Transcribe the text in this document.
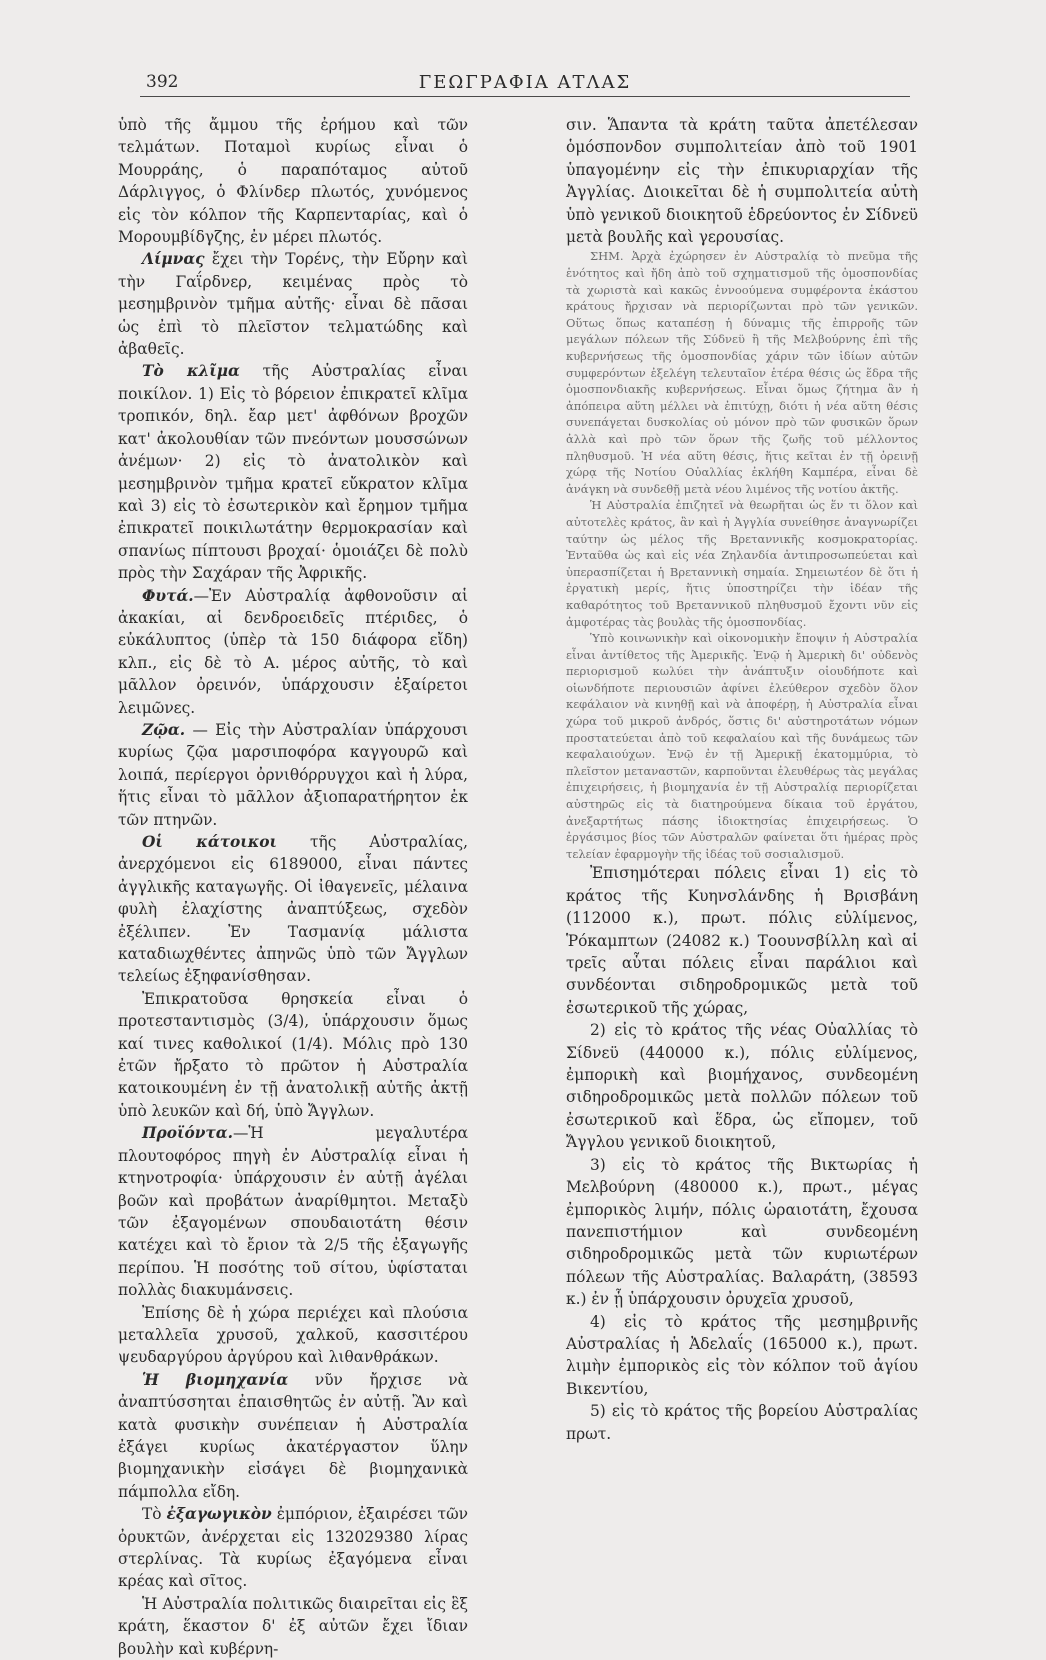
392	ΓΕΩΓΡΑΦΙΑ ΑΤΛΑΣ

ὑπὸ τῆς ἄμμου τῆς ἐρήμου καὶ τῶν τελμάτων. Ποταμοὶ κυρίως εἶναι ὁ Μουρράης, ὁ παραπόταμος αὐτοῦ Δάρλιγγος, ὁ Φλίνδερ πλωτός, χυνόμενος εἰς τὸν κόλπον τῆς Καρπενταρίας, καὶ ὁ Μορουμβίδγζης, ἐν μέρει πλωτός.

Λίμνας ἔχει τὴν Τορένς, τὴν Εὔρην καὶ τὴν Γαΐρδνερ, κειμένας πρὸς τὸ μεσημβρινὸν τμῆμα αὐτῆς· εἶναι δὲ πᾶσαι ὡς ἐπὶ τὸ πλεῖστον τελματώδης καὶ ἀβαθεῖς.

Τὸ κλῖμα τῆς Αὐστραλίας εἶναι ποικίλον. 1) Εἰς τὸ βόρειον ἐπικρατεῖ κλῖμα τροπικόν, δηλ. ἔαρ μετ' ἀφθόνων βροχῶν κατ' ἀκολουθίαν τῶν πνεόντων μουσσώνων ἀνέμων· 2) εἰς τὸ ἀνατολικὸν καὶ μεσημβρινὸν τμῆμα κρατεῖ εὔκρατον κλῖμα καὶ 3) εἰς τὸ ἐσωτερικὸν καὶ ἔρημον τμῆμα ἐπικρατεῖ ποικιλωτάτην θερμοκρασίαν καὶ σπανίως πίπτουσι βροχαί· ὁμοιάζει δὲ πολὺ πρὸς τὴν Σαχάραν τῆς Ἀφρικῆς.

Φυτά.—Ἐν Αὐστραλίᾳ ἀφθονοῦσιν αἱ ἀκακίαι, αἱ δενδροειδεῖς πτέριδες, ὁ εὐκάλυπτος (ὑπὲρ τὰ 150 διάφορα εἴδη) κλπ., εἰς δὲ τὸ Α. μέρος αὐτῆς, τὸ καὶ μᾶλλον ὀρεινόν, ὑπάρχουσιν ἐξαίρετοι λειμῶνες.

Ζῷα. — Εἰς τὴν Αὐστραλίαν ὑπάρχουσι κυρίως ζῷα μαρσιποφόρα καγγουρῶ καὶ λοιπά, περίεργοι ὀρνιθόρρυγχοι καὶ ἡ λύρα, ἥτις εἶναι τὸ μᾶλλον ἀξιοπαρατήρητον ἐκ τῶν πτηνῶν.

Οἱ κάτοικοι τῆς Αὐστραλίας, ἀνερχόμενοι εἰς 6189000, εἶναι πάντες ἀγγλικῆς καταγωγῆς. Οἱ ἰθαγενεῖς, μέλαινα φυλὴ ἐλαχίστης ἀναπτύξεως, σχεδὸν ἐξέλιπεν. Ἐν Τασμανίᾳ μάλιστα καταδιωχθέντες ἀπηνῶς ὑπὸ τῶν Ἄγγλων τελείως ἐξηφανίσθησαν.

Ἐπικρατοῦσα θρησκεία εἶναι ὁ προτεσταντισμὸς (3/4), ὑπάρχουσιν ὅμως καί τινες καθολικοί (1/4). Μόλις πρὸ 130 ἐτῶν ἤρξατο τὸ πρῶτον ἡ Αὐστραλία κατοικουμένη ἐν τῇ ἀνατολικῇ αὐτῆς ἀκτῇ ὑπὸ λευκῶν καὶ δή, ὑπὸ Ἄγγλων.

Προϊόντα.—Ἡ μεγαλυτέρα πλουτοφόρος πηγὴ ἐν Αὐστραλίᾳ εἶναι ἡ κτηνοτροφία· ὑπάρχουσιν ἐν αὐτῇ ἀγέλαι βοῶν καὶ προβάτων ἀναρίθμητοι. Μεταξὺ τῶν ἐξαγομένων σπουδαιοτάτη θέσιν κατέχει καὶ τὸ ἔριον τὰ 2/5 τῆς ἐξαγωγῆς περίπου. Ἡ ποσότης τοῦ σίτου, ὑφίσταται πολλὰς διακυμάνσεις.

Ἐπίσης δὲ ἡ χώρα περιέχει καὶ πλούσια μεταλλεῖα χρυσοῦ, χαλκοῦ, κασσιτέρου ψευδαργύρου ἀργύρου καὶ λιθανθράκων.

Ἡ βιομηχανία νῦν ἤρχισε νὰ ἀναπτύσσηται ἐπαισθητῶς ἐν αὐτῇ. Ἂν καὶ κατὰ φυσικὴν συνέπειαν ἡ Αὐστραλία ἐξάγει κυρίως ἀκατέργαστον ὕλην βιομηχανικὴν εἰσάγει δὲ βιομηχανικὰ πάμπολλα εἴδη.

Τὸ ἐξαγωγικὸν ἐμπόριον, ἐξαιρέσει τῶν ὀρυκτῶν, ἀνέρχεται εἰς 132029380 λίρας στερλίνας. Τὰ κυρίως ἐξαγόμενα εἶναι κρέας καὶ σῖτος.

Ἡ Αὐστραλία πολιτικῶς διαιρεῖται εἰς ἓξ κράτη, ἕκαστον δ' ἐξ αὐτῶν ἔχει ἴδιαν βουλὴν καὶ κυβέρνη-

σιν. Ἅπαντα τὰ κράτη ταῦτα ἀπετέλεσαν ὁμόσπονδον συμπολιτείαν ἀπὸ τοῦ 1901 ὑπαγομένην εἰς τὴν ἐπικυριαρχίαν τῆς Ἀγγλίας. Διοικεῖται δὲ ἡ συμπολιτεία αὐτὴ ὑπὸ γενικοῦ διοικητοῦ ἑδρεύοντος ἐν Σίδνεϋ μετὰ βουλῆς καὶ γερουσίας.

ΣΗΜ. Ἀρχὰ ἐχώρησεν ἐν Αὐστραλίᾳ τὸ πνεῦμα τῆς ἑνότητος καὶ ἤδη ἀπὸ τοῦ σχηματισμοῦ τῆς ὁμοσπονδίας τὰ χωριστὰ καὶ κακῶς ἐννοούμενα συμφέροντα ἑκάστου κράτους ἤρχισαν νὰ περιορίζωνται πρὸ τῶν γενικῶν. Οὕτως ὅπως καταπέσῃ ἡ δύναμις τῆς ἐπιρροῆς τῶν μεγάλων πόλεων τῆς Σύδνεϋ ἢ τῆς Μελβούρνης ἐπὶ τῆς κυβερνήσεως τῆς ὁμοσπονδίας χάριν τῶν ἰδίων αὐτῶν συμφερόντων ἐξελέγη τελευταῖον ἑτέρα θέσις ὡς ἕδρα τῆς ὁμοσπονδιακῆς κυβερνήσεως. Εἶναι ὅμως ζήτημα ἂν ἡ ἀπόπειρα αὕτη μέλλει νὰ ἐπιτύχῃ, διότι ἡ νέα αὕτη θέσις συνεπάγεται δυσκολίας οὐ μόνον πρὸ τῶν φυσικῶν ὅρων ἀλλὰ καὶ πρὸ τῶν ὅρων τῆς ζωῆς τοῦ μέλλοντος πληθυσμοῦ. Ἡ νέα αὕτη θέσις, ἥτις κεῖται ἐν τῇ ὀρεινῇ χώρᾳ τῆς Νοτίου Οὐαλλίας ἐκλήθη Καμπέρα, εἶναι δὲ ἀνάγκη νὰ συνδεθῇ μετὰ νέου λιμένος τῆς νοτίου ἀκτῆς.

Ἡ Αὐστραλία ἐπιζητεῖ νὰ θεωρῆται ὡς ἕν τι ὅλον καὶ αὐτοτελὲς κράτος, ἂν καὶ ἡ Ἀγγλία συνείθησε ἀναγνωρίζει ταύτην ὡς μέλος τῆς Βρεταννικῆς κοσμοκρατορίας. Ἐνταῦθα ὡς καὶ εἰς νέα Ζηλανδία ἀντιπροσωπεύεται καὶ ὑπερασπίζεται ἡ Βρεταννικὴ σημαία. Σημειωτέον δὲ ὅτι ἡ ἐργατικὴ μερίς, ἥτις ὑποστηρίζει τὴν ἰδέαν τῆς καθαρότητος τοῦ Βρεταννικοῦ πληθυσμοῦ ἔχοντι νῦν εἰς ἀμφοτέρας τὰς βουλὰς τῆς ὁμοσπονδίας.

Ὑπὸ κοινωνικὴν καὶ οἰκονομικὴν ἔποψιν ἡ Αὐστραλία εἶναι ἀντίθετος τῆς Ἀμερικῆς. Ἐνῷ ἡ Ἀμερικὴ δι' οὐδενὸς περιορισμοῦ κωλύει τὴν ἀνάπτυξιν οἱουδήποτε καὶ οἱωνδήποτε περιουσιῶν ἀφίνει ἐλεύθερον σχεδὸν ὅλον κεφάλαιον νὰ κινηθῇ καὶ νὰ ἀποφέρῃ, ἡ Αὐστραλία εἶναι χώρα τοῦ μικροῦ ἀνδρός, ὅστις δι' αὐστηροτάτων νόμων προστατεύεται ἀπὸ τοῦ κεφαλαίου καὶ τῆς δυνάμεως τῶν κεφαλαιούχων. Ἐνῷ ἐν τῇ Ἀμερικῇ ἑκατομμύρια, τὸ πλεῖστον μεταναστῶν, καρποῦνται ἐλευθέρως τὰς μεγάλας ἐπιχειρήσεις, ἡ βιομηχανία ἐν τῇ Αὐστραλίᾳ περιορίζεται αὐστηρῶς εἰς τὰ διατηρούμενα δίκαια τοῦ ἐργάτου, ἀνεξαρτήτως πάσης ἰδιοκτησίας ἐπιχειρήσεως. Ὁ ἐργάσιμος βίος τῶν Αὐστραλῶν φαίνεται ὅτι ἡμέρας πρὸς τελείαν ἐφαρμογὴν τῆς ἰδέας τοῦ σοσιαλισμοῦ.

Ἐπισημότεραι πόλεις εἶναι 1) εἰς τὸ κράτος τῆς Κυηνσλάνδης ἡ Βρισβάνη (112000 κ.), πρωτ. πόλις εὐλίμενος, Ῥόκαμπτων (24082 κ.) Τοουνσβίλλη καὶ αἱ τρεῖς αὗται πόλεις εἶναι παράλιοι καὶ συνδέονται σιδηροδρομικῶς μετὰ τοῦ ἐσωτερικοῦ τῆς χώρας,

2) εἰς τὸ κράτος τῆς νέας Οὐαλλίας τὸ Σίδνεϋ (440000 κ.), πόλις εὐλίμενος, ἐμπορικὴ καὶ βιομήχανος, συνδεομένη σιδηροδρομικῶς μετὰ πολλῶν πόλεων τοῦ ἐσωτερικοῦ καὶ ἕδρα, ὡς εἴπομεν, τοῦ Ἄγγλου γενικοῦ διοικητοῦ,

3) εἰς τὸ κράτος τῆς Βικτωρίας ἡ Μελβούρνη (480000 κ.), πρωτ., μέγας ἐμπορικὸς λιμήν, πόλις ὡραιοτάτη, ἔχουσα πανεπιστήμιον καὶ συνδεομένη σιδηροδρομικῶς μετὰ τῶν κυριωτέρων πόλεων τῆς Αὐστραλίας. Βαλαράτη, (38593 κ.) ἐν ᾗ ὑπάρχουσιν ὀρυχεῖα χρυσοῦ,

4) εἰς τὸ κράτος τῆς μεσημβρινῆς Αὐστραλίας ἡ Ἀδελαΐς (165000 κ.), πρωτ. λιμὴν ἐμπορικὸς εἰς τὸν κόλπον τοῦ ἁγίου Βικεντίου,

5) εἰς τὸ κράτος τῆς βορείου Αὐστραλίας πρωτ.
